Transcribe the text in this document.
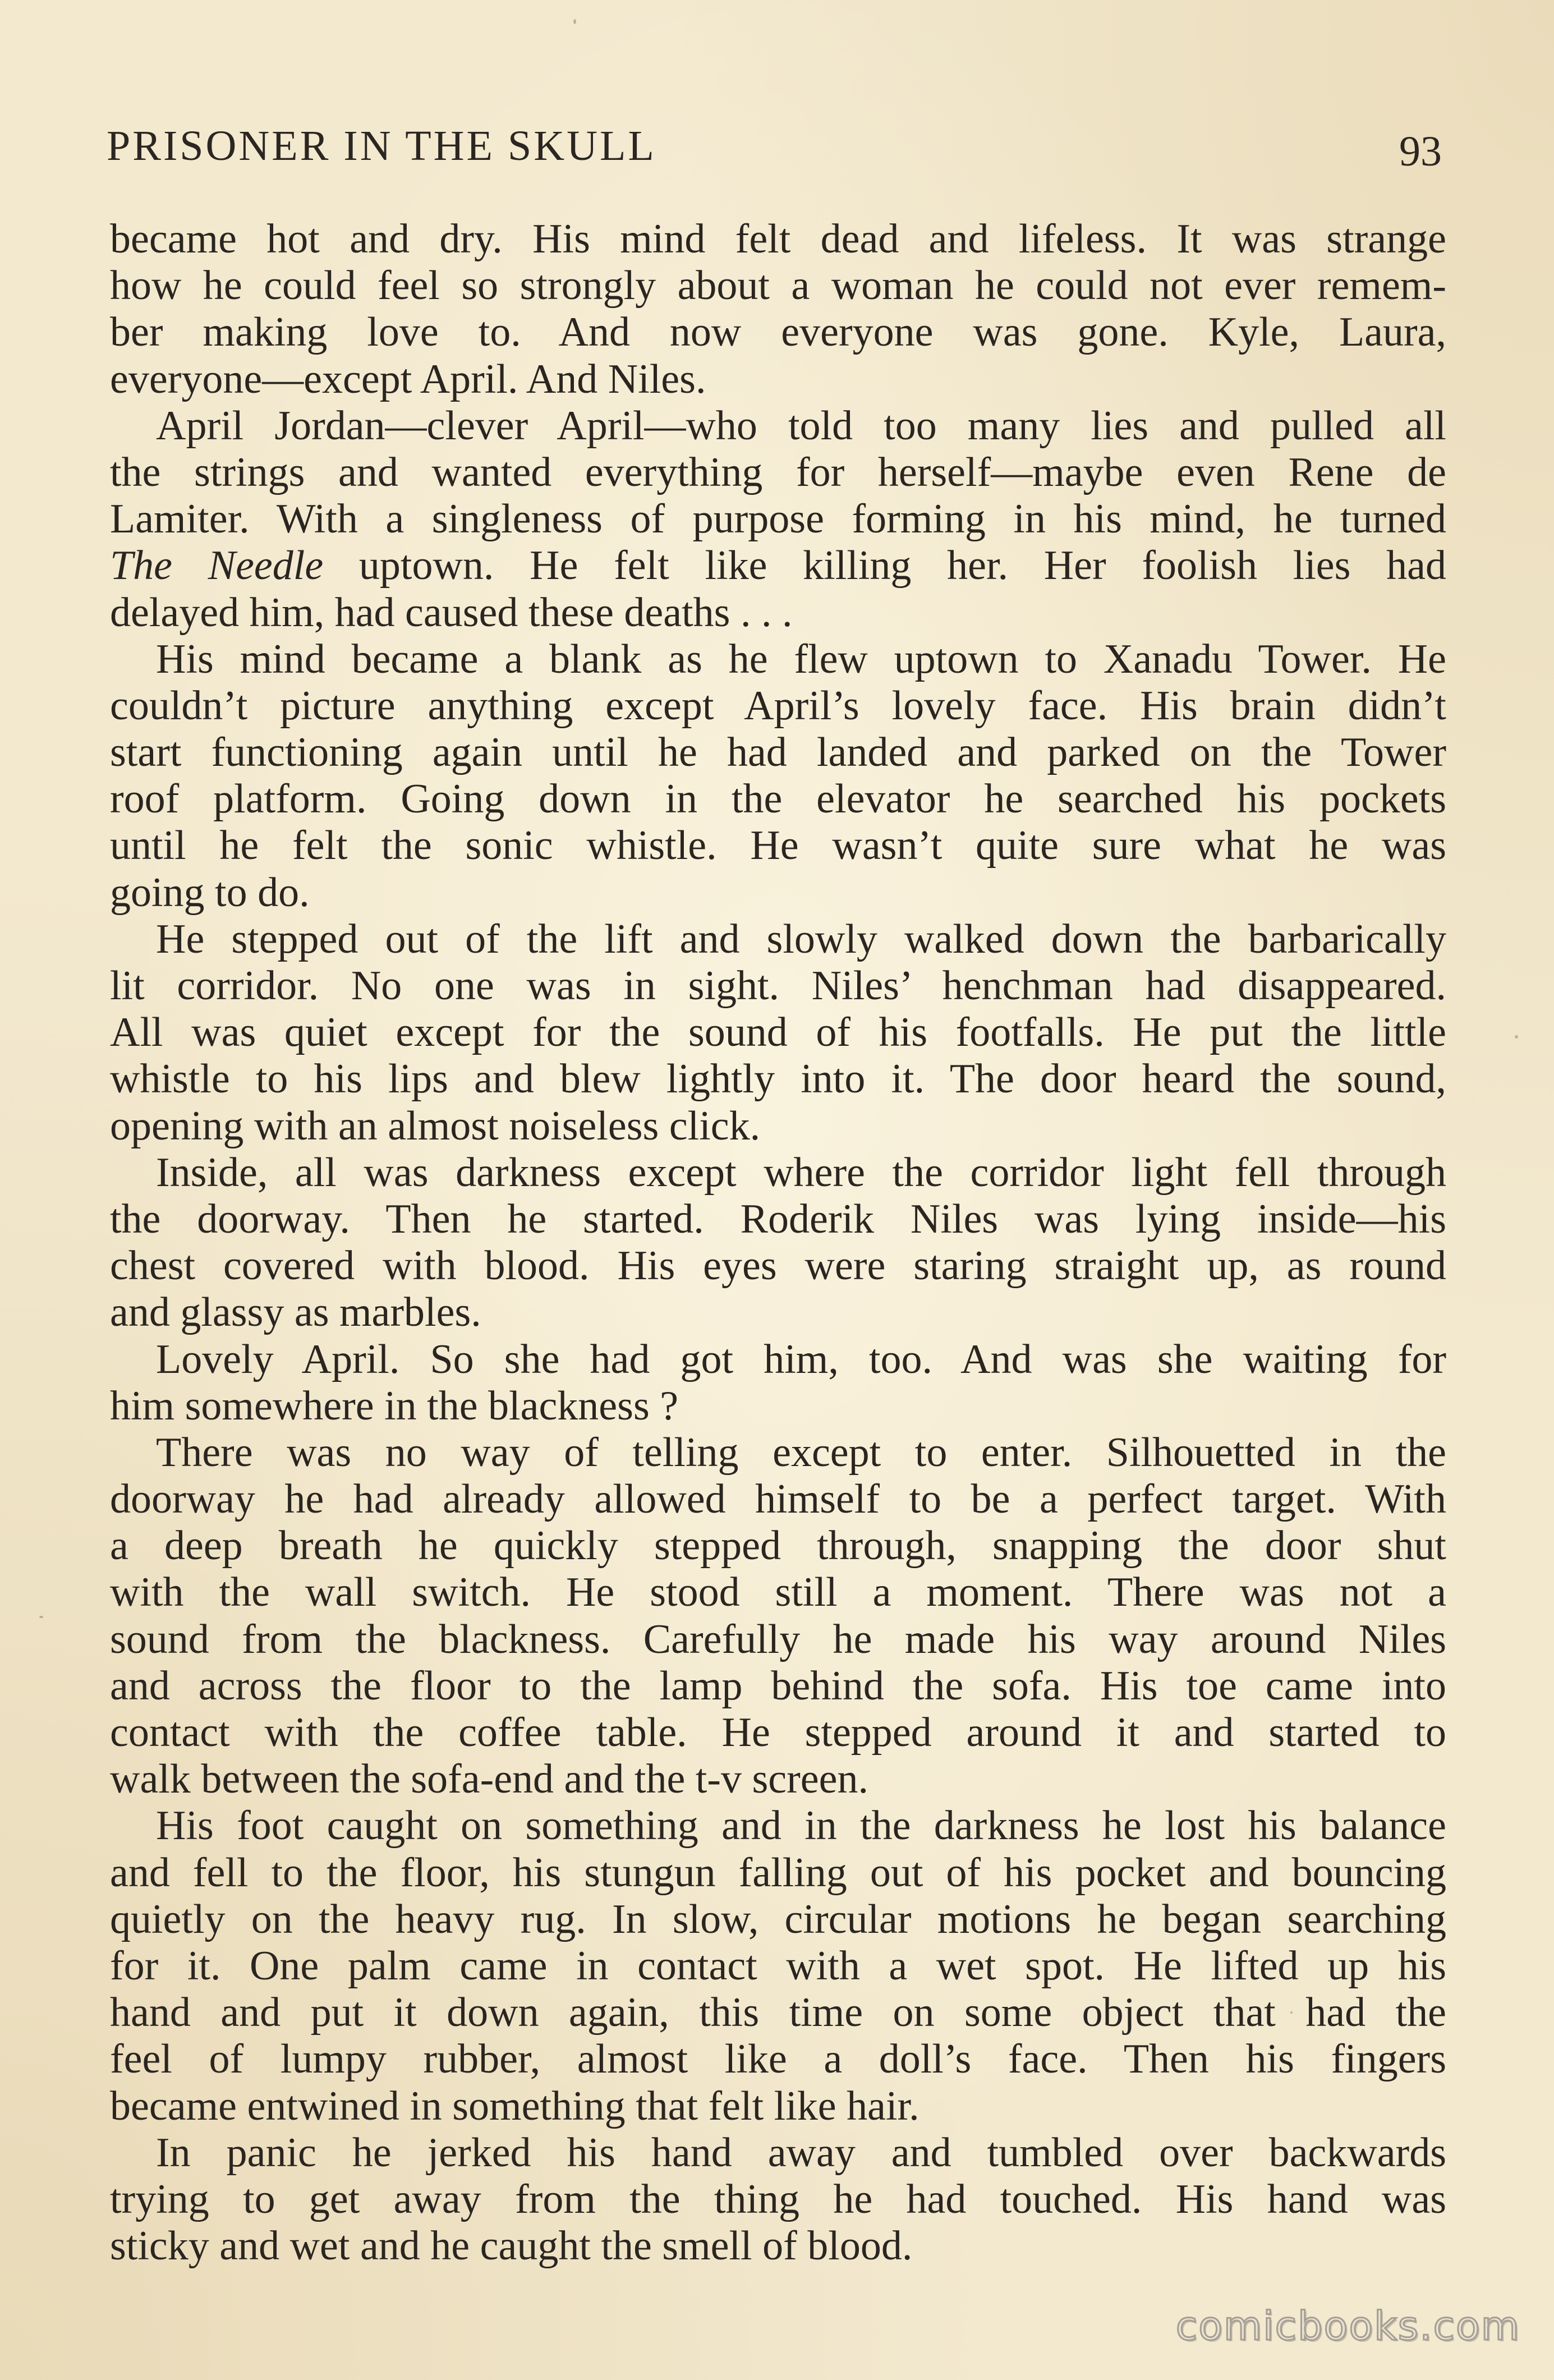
PRISONER IN THE SKULL	93
became hot and dry. His mind felt dead and lifeless. It was strange
how he could feel so strongly about a woman he could not ever remem-
ber making love to. And now everyone was gone. Kyle, Laura,
everyone—except April. And Niles.
April Jordan—clever April—who told too many lies and pulled all
the strings and wanted everything for herself—maybe even Rene de
Lamiter. With a singleness of purpose forming in his mind, he turned
The Needle uptown. He felt like killing her. Her foolish lies had
delayed him, had caused these deaths . . .
His mind became a blank as he flew uptown to Xanadu Tower. He
couldn’t picture anything except April’s lovely face. His brain didn’t
start functioning again until he had landed and parked on the Tower
roof platform. Going down in the elevator he searched his pockets
until he felt the sonic whistle. He wasn’t quite sure what he was
going to do.
He stepped out of the lift and slowly walked down the barbarically
lit corridor. No one was in sight. Niles’ henchman had disappeared.
All was quiet except for the sound of his footfalls. He put the little
whistle to his lips and blew lightly into it. The door heard the sound,
opening with an almost noiseless click.
Inside, all was darkness except where the corridor light fell through
the doorway. Then he started. Roderik Niles was lying inside—his
chest covered with blood. His eyes were staring straight up, as round
and glassy as marbles.
Lovely April. So she had got him, too. And was she waiting for
him somewhere in the blackness ?
There was no way of telling except to enter. Silhouetted in the
doorway he had already allowed himself to be a perfect target. With
a deep breath he quickly stepped through, snapping the door shut
with the wall switch. He stood still a moment. There was not a
sound from the blackness. Carefully he made his way around Niles
and across the floor to the lamp behind the sofa. His toe came into
contact with the coffee table. He stepped around it and started to
walk between the sofa-end and the t-v screen.
His foot caught on something and in the darkness he lost his balance
and fell to the floor, his stungun falling out of his pocket and bouncing
quietly on the heavy rug. In slow, circular motions he began searching
for it. One palm came in contact with a wet spot. He lifted up his
hand and put it down again, this time on some object that had the
feel of lumpy rubber, almost like a doll’s face. Then his fingers
became entwined in something that felt like hair.
In panic he jerked his hand away and tumbled over backwards
trying to get away from the thing he had touched. His hand was
sticky and wet and he caught the smell of blood.
comicbooks.com
